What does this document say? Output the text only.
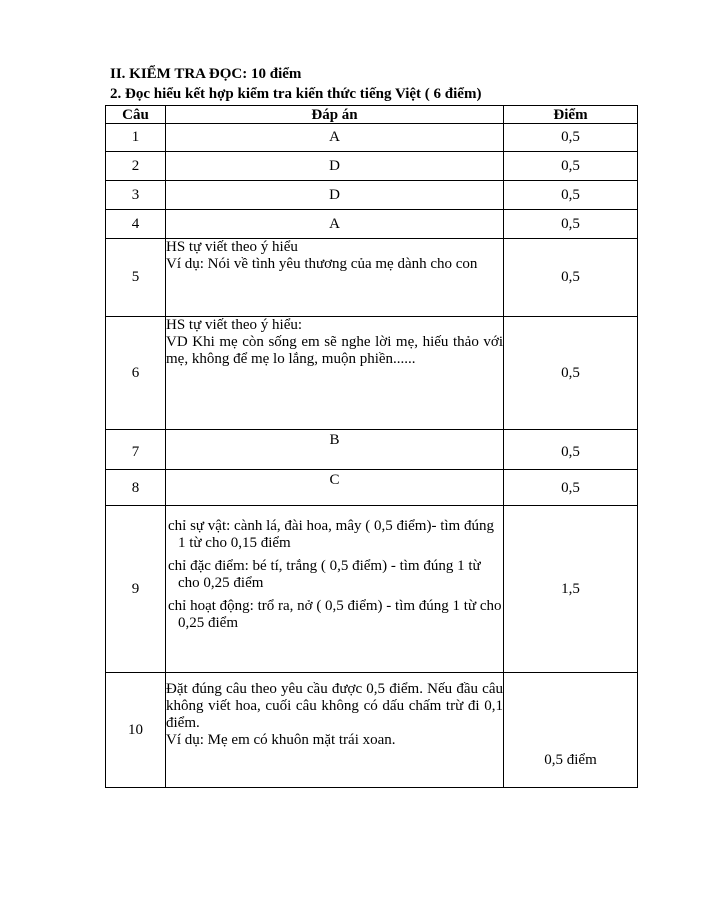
II. KIỂM TRA ĐỌC: 10 điểm
2. Đọc hiểu kết hợp kiểm tra kiến thức tiếng Việt ( 6 điểm)
Câu	Đáp án	Điểm
1	A	0,5
2	D	0,5
3	D	0,5
4	A	0,5
5	HS tự viết theo ý hiểu

Ví dụ: Nói về tình yêu thương của mẹ dành cho con	0,5
6	HS tự viết theo ý hiểu:

VD Khi mẹ còn sống em sẽ nghe lời mẹ, hiếu thảo với mẹ, không để mẹ lo lắng, muộn phiền......	0,5
7	B	0,5
8	C	0,5
9	chỉ sự vật: cành lá, đài hoa, mây ( 0,5 điểm)- tìm đúng 1 từ cho 0,15 điểm

chỉ đặc điểm: bé tí, trắng ( 0,5 điểm) - tìm đúng 1 từ cho 0,25 điểm

chỉ hoạt động: trổ ra, nở ( 0,5 điểm) - tìm đúng 1 từ cho 0,25 điểm	1,5
10	Đặt đúng câu theo yêu cầu được 0,5 điểm. Nếu đầu câu không viết hoa, cuối câu không có dấu chấm trừ đi 0,1 điểm.

Ví dụ: Mẹ em có khuôn mặt trái xoan.	0,5 điểm
